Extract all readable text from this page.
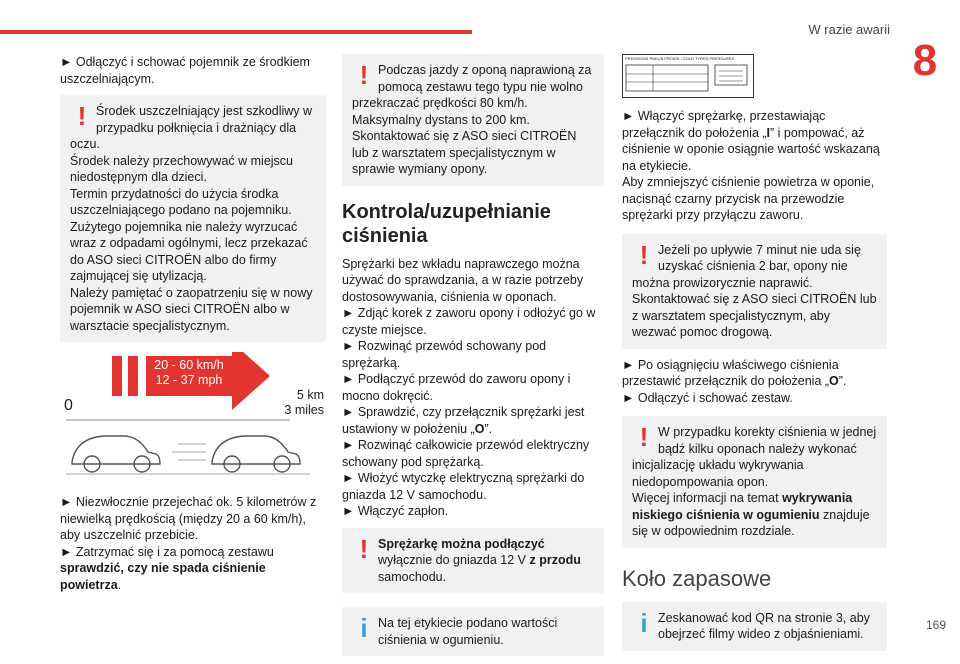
W razie awarii
8
169

► Odłączyć i schować pojemnik ze środkiem uszczelniającym.

! Środek uszczelniający jest szkodliwy w przypadku połknięcia i drażniący dla

oczu.
Środek należy przechowywać w miejscu niedostępnym dla dzieci.
Termin przydatności do użycia środka uszczelniającego podano na pojemniku.
Zużytego pojemnika nie należy wyrzucać wraz z odpadami ogólnymi, lecz przekazać do ASO sieci CITROËN albo do firmy zajmującej się utylizacją.
Należy pamiętać o zaopatrzeniu się w nowy pojemnik w ASO sieci CITROËN albo w warsztacie specjalistycznym.

20 - 60 km/h
12 - 37 mph
0
5 km
3 miles

► Niezwłocznie przejechać ok. 5 kilometrów z niewielką prędkością (między 20 a 60 km/h), aby uszczelnić przebicie.

► Zatrzymać się i za pomocą zestawu sprawdzić, czy nie spada ciśnienie powietrza.

! Podczas jazdy z oponą naprawioną za pomocą zestawu tego typu nie wolno

przekraczać prędkości 80 km/h. Maksymalny dystans to 200 km.
Skontaktować się z ASO sieci CITROËN lub z warsztatem specjalistycznym w sprawie wymiany opony.

Kontrola/uzupełnianie ciśnienia

Sprężarki bez wkładu naprawczego można używać do sprawdzania, a w razie potrzeby dostosowywania, ciśnienia w oponach.
► Zdjąć korek z zaworu opony i odłożyć go w czyste miejsce.
► Rozwinąć przewód schowany pod sprężarką.
► Podłączyć przewód do zaworu opony i mocno dokręcić.

► Sprawdzić, czy przełącznik sprężarki jest ustawiony w położeniu „O”.

► Rozwinąć całkowicie przewód elektryczny schowany pod sprężarką.
► Włożyć wtyczkę elektryczną sprężarki do gniazda 12 V samochodu.
► Włączyć zapłon.

! Sprężarkę można podłączyć wyłącznie do gniazda 12 V z przodu samochodu.

i Na tej etykiecie podano wartości ciśnienia w ogumieniu.

PRESSIONS PNEUS FROIDS / COLD TYRES PRESSURES

► Włączyć sprężarkę, przestawiając przełącznik do położenia „I” i pompować, aż ciśnienie w oponie osiągnie wartość wskazaną na etykiecie.
Aby zmniejszyć ciśnienie powietrza w oponie, nacisnąć czarny przycisk na przewodzie sprężarki przy przyłączu zaworu.

! Jeżeli po upływie 7 minut nie uda się uzyskać ciśnienia 2 bar, opony nie

można prowizorycznie naprawić.
Skontaktować się z ASO sieci CITROËN lub z warsztatem specjalistycznym, aby wezwać pomoc drogową.

► Po osiągnięciu właściwego ciśnienia przestawić przełącznik do położenia „O”.
► Odłączyć i schować zestaw.

! W przypadku korekty ciśnienia w jednej bądź kilku oponach należy wykonać

inicjalizację układu wykrywania niedopompowania opon.
Więcej informacji na temat wykrywania niskiego ciśnienia w ogumieniu znajduje się w odpowiednim rozdziale.

Koło zapasowe
i Zeskanować kod QR na stronie 3, aby obejrzeć filmy wideo z objaśnieniami.
